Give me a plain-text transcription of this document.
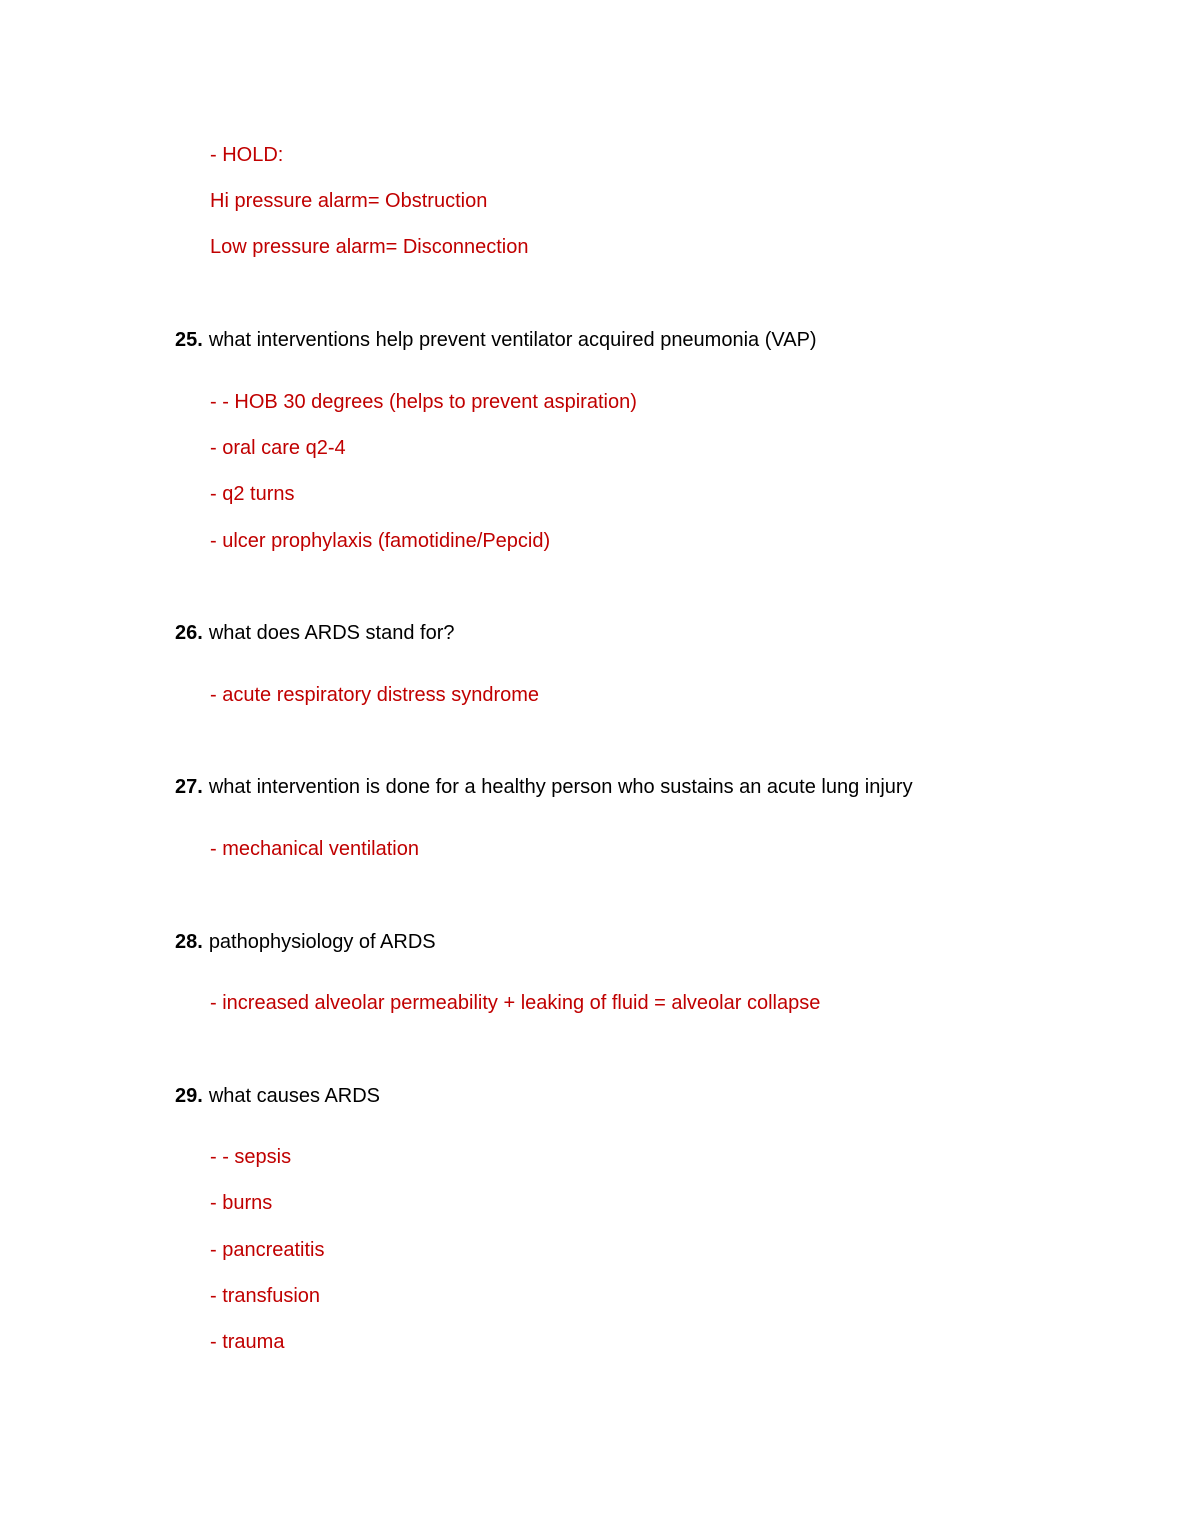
- HOLD:
Hi pressure alarm= Obstruction
Low pressure alarm= Disconnection
25. what interventions help prevent ventilator acquired pneumonia (VAP)
- - HOB 30 degrees (helps to prevent aspiration)
- oral care q2-4
- q2 turns
- ulcer prophylaxis (famotidine/Pepcid)
26. what does ARDS stand for?
- acute respiratory distress syndrome
27. what intervention is done for a healthy person who sustains an acute lung injury
- mechanical ventilation
28. pathophysiology of ARDS
- increased alveolar permeability + leaking of fluid = alveolar collapse
29. what causes ARDS
- - sepsis
- burns
- pancreatitis
- transfusion
- trauma
